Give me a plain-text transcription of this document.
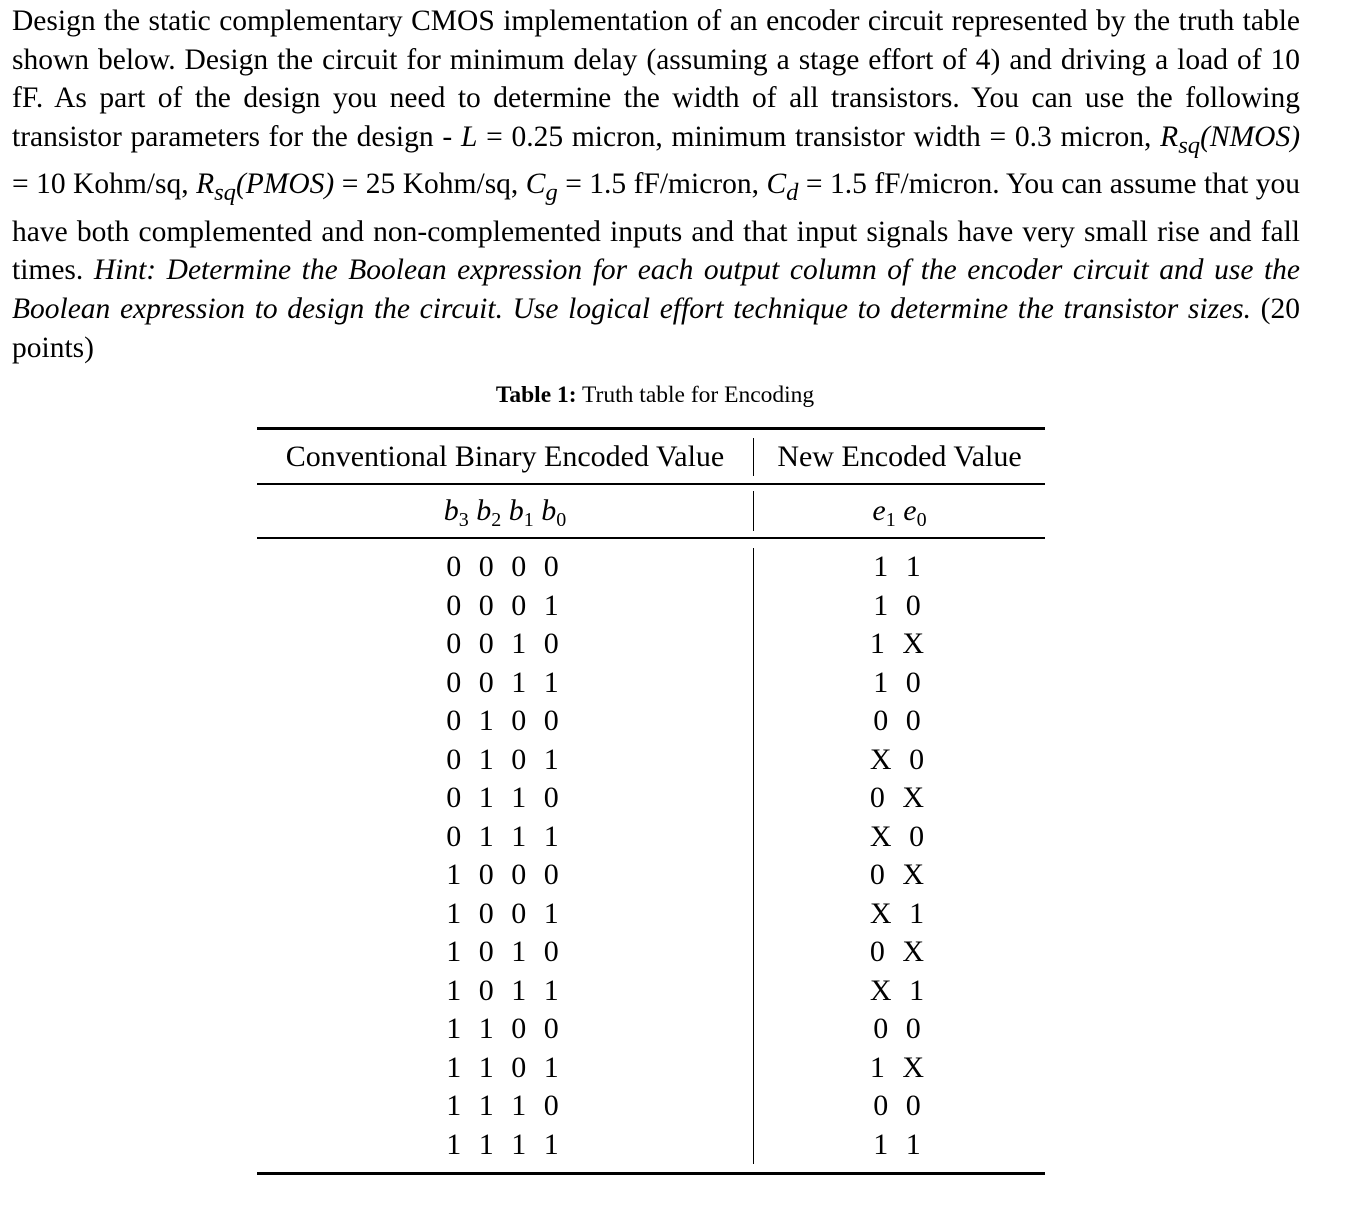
Design the static complementary CMOS implementation of an encoder circuit represented by the truth table shown below. Design the circuit for minimum delay (assuming a stage effort of 4) and driving a load of 10 fF. As part of the design you need to determine the width of all transistors. You can use the following transistor parameters for the design - L = 0.25 micron, minimum transistor width = 0.3 micron, $R_{sq}(NMOS) = 10$ Kohm/sq, $R_{sq}(PMOS) = 25$ Kohm/sq, $C_g = 1.5$ fF/micron, $C_d = 1.5$ fF/micron. You can assume that you have both complemented and non-complemented inputs and that input signals have very small rise and fall times. Hint: Determine the Boolean expression for each output column of the encoder circuit and use the Boolean expression to design the circuit. Use logical effort technique to determine the transistor sizes. (20 points)

Table 1: Truth table for Encoding
Conventional Binary Encoded Value	New Encoded Value
$b_3$ $b_2$ $b_1$ $b_0$	$e_1$ $e_0$
0 0 0 0
0 0 0 1
0 0 1 0
0 0 1 1
0 1 0 0
0 1 0 1
0 1 1 0
0 1 1 1
1 0 0 0
1 0 0 1
1 0 1 0
1 0 1 1
1 1 0 0
1 1 0 1
1 1 1 0
1 1 1 1
1 1
1 0
1 X
1 0
0 0
X 0
0 X
X 0
0 X
X 1
0 X
X 1
0 0
1 X
0 0
1 1
